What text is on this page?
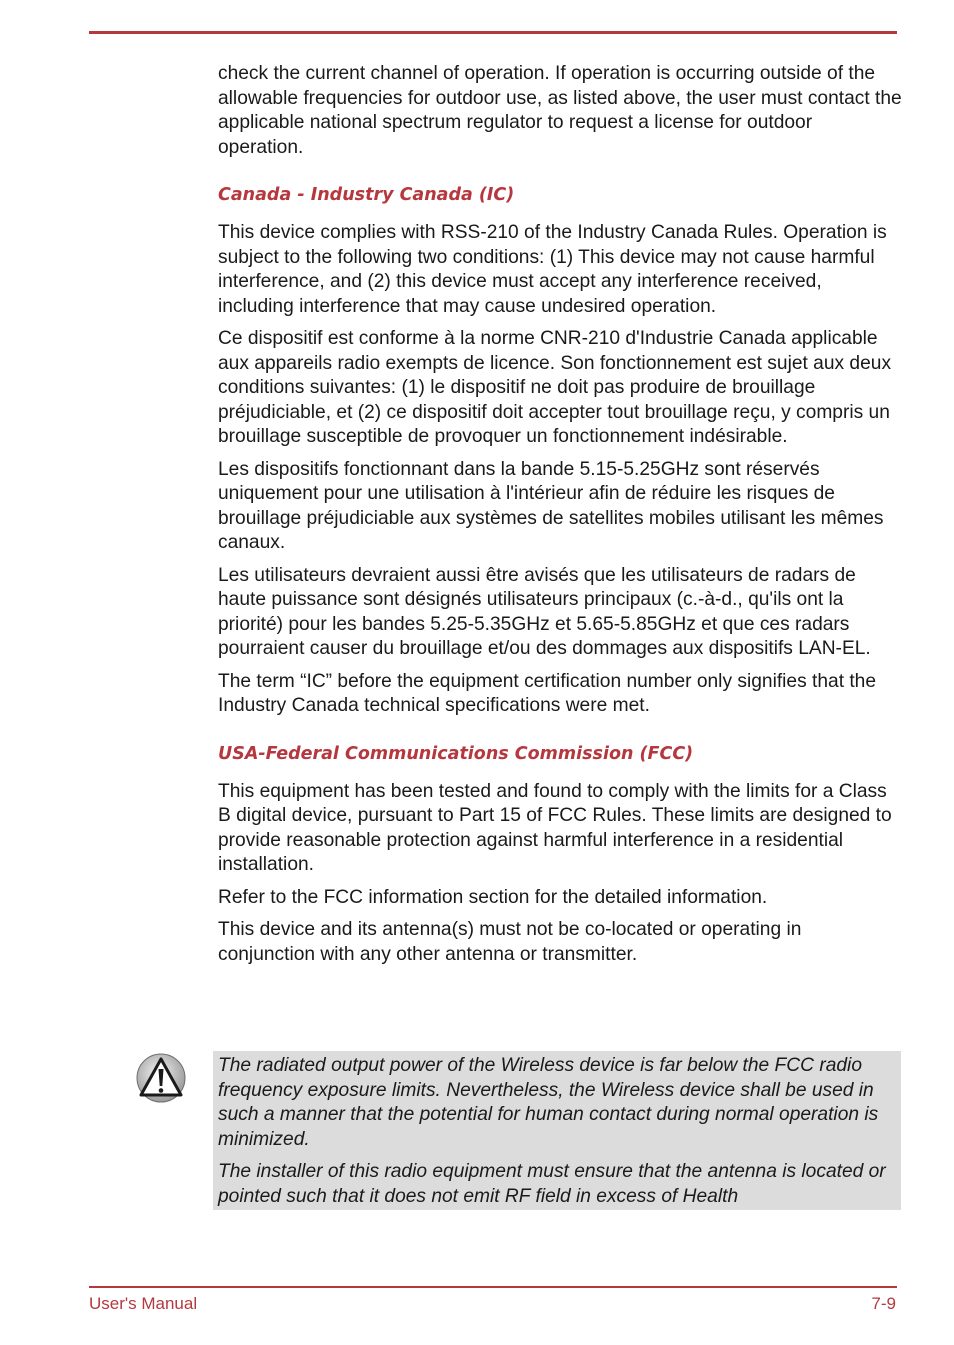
check the current channel of operation. If operation is occurring outside of the allowable frequencies for outdoor use, as listed above, the user must contact the applicable national spectrum regulator to request a license for outdoor operation.

Canada - Industry Canada (IC)

This device complies with RSS-210 of the Industry Canada Rules. Operation is subject to the following two conditions: (1) This device may not cause harmful interference, and (2) this device must accept any interference received, including interference that may cause undesired operation.

Ce dispositif est conforme à la norme CNR-210 d'Industrie Canada applicable aux appareils radio exempts de licence. Son fonctionnement est sujet aux deux conditions suivantes: (1) le dispositif ne doit pas produire de brouillage préjudiciable, et (2) ce dispositif doit accepter tout brouillage reçu, y compris un brouillage susceptible de provoquer un fonctionnement indésirable.

Les dispositifs fonctionnant dans la bande 5.15-5.25GHz sont réservés uniquement pour une utilisation à l'intérieur afin de réduire les risques de brouillage préjudiciable aux systèmes de satellites mobiles utilisant les mêmes canaux.

Les utilisateurs devraient aussi être avisés que les utilisateurs de radars de haute puissance sont désignés utilisateurs principaux (c.-à-d., qu'ils ont la priorité) pour les bandes 5.25-5.35GHz et 5.65-5.85GHz et que ces radars pourraient causer du brouillage et/ou des dommages aux dispositifs LAN-EL.

The term “IC” before the equipment certification number only signifies that the Industry Canada technical specifications were met.

USA-Federal Communications Commission (FCC)

This equipment has been tested and found to comply with the limits for a Class B digital device, pursuant to Part 15 of FCC Rules. These limits are designed to provide reasonable protection against harmful interference in a residential installation.

Refer to the FCC information section for the detailed information.

This device and its antenna(s) must not be co-located or operating in conjunction with any other antenna or transmitter.

The radiated output power of the Wireless device is far below the FCC radio frequency exposure limits. Nevertheless, the Wireless device shall be used in such a manner that the potential for human contact during normal operation is minimized.

The installer of this radio equipment must ensure that the antenna is located or pointed such that it does not emit RF field in excess of Health

User's Manual	7-9
